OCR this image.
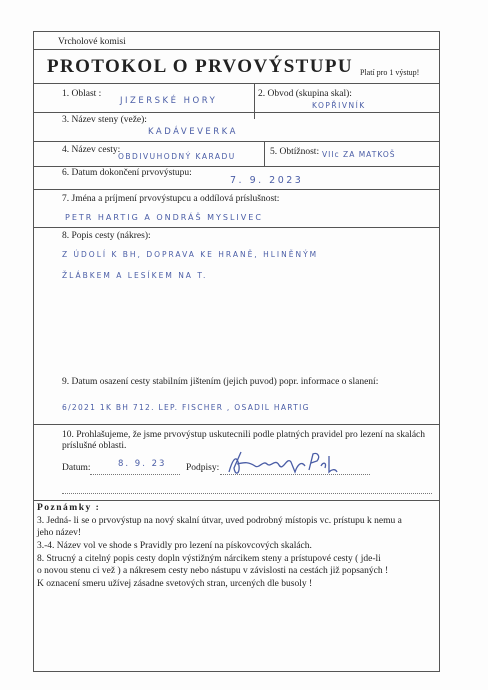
Vrcholové komisi
PROTOKOL O PRVOVÝSTUPU Platí pro 1 výstup!
1. Oblast :
JIZERSKÉ HORY
2. Obvod (skupina skal):
KOPŘIVNÍK
3. Název steny (veže):
KADÁVEVERKA
4. Název cesty:
OBDIVUHODNÝ KARADU	5. Obtížnost: VIIc ZA MATKOŠ
6. Datum dokončení prvovýstupu:
7. 9. 2023
7. Jména a príjmení prvovýstupcu a oddílová príslušnost:
PETR HARTIG A ONDRÁŠ MYSLIVEC
8. Popis cesty (nákres):
Z ÚDOLÍ K BH, DOPRAVA KE HRANĚ, HLINĚNÝM
ŽLÁBKEM A LESÍKEM NA T.
9. Datum osazení cesty stabilním jištením (jejich puvod) popr. informace o slanení:
6/2021 1K BH 712. LEP. FISCHER , OSADIL HARTIG
10. Prohlašujeme, že jsme prvovýstup uskutecnili podle platných pravidel pro lezení na skalách
príslušné oblasti.
Datum:	8. 9. 23 Podpisy:
Poznámky :
3. Jedná- li se o prvovýstup na nový skalní útvar, uved podrobný místopis vc. prístupu k nemu a
jeho název!
3.-4. Název vol ve shode s Pravidly pro lezení na pískovcových skalách.
8. Strucný a citelný popis cesty dopln výstižným nárcikem steny a prístupové cesty ( jde-li
o novou stenu ci vež ) a nákresem cesty nebo nástupu v závislosti na cestách již popsaných !
K oznacení smeru užívej zásadne svetových stran, urcených dle busoly !
